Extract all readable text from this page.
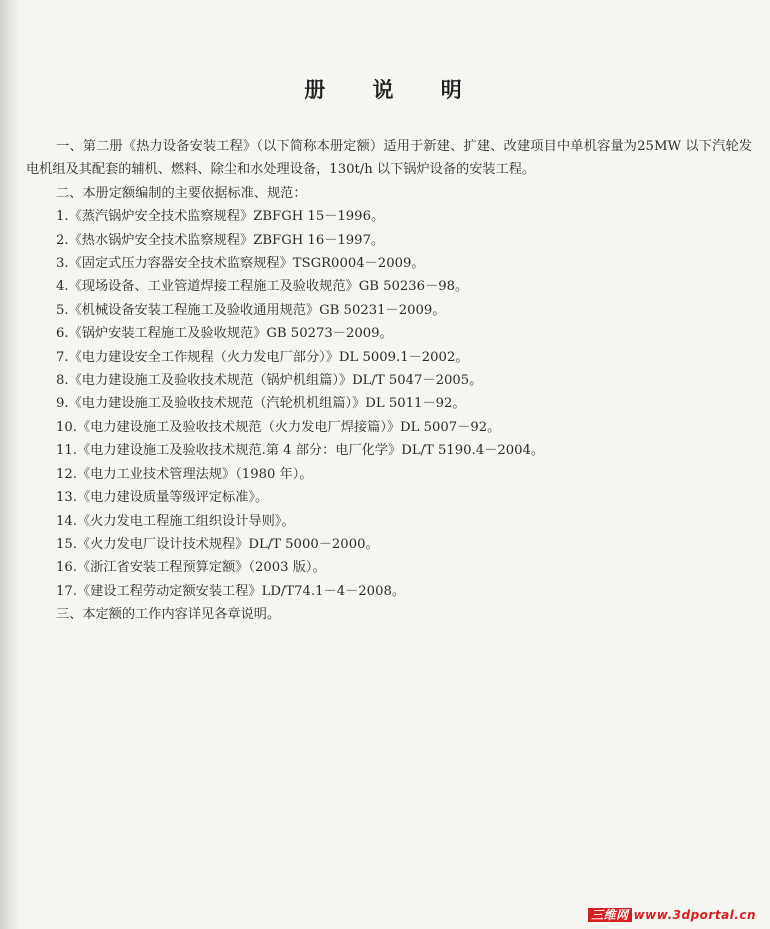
册 说 明

一、第二册《热力设备安装工程》（以下简称本册定额）适用于新建、扩建、改建项目中单机容量为25MW 以下汽轮发电机组及其配套的辅机、燃料、除尘和水处理设备，130t/h 以下锅炉设备的安装工程。

二、本册定额编制的主要依据标准、规范：

1.《蒸汽锅炉安全技术监察规程》ZBFGH 15－1996。
2.《热水锅炉安全技术监察规程》ZBFGH 16－1997。
3.《固定式压力容器安全技术监察规程》TSGR0004－2009。
4.《现场设备、工业管道焊接工程施工及验收规范》GB 50236－98。
5.《机械设备安装工程施工及验收通用规范》GB 50231－2009。
6.《锅炉安装工程施工及验收规范》GB 50273－2009。
7.《电力建设安全工作规程（火力发电厂部分）》DL 5009.1－2002。
8.《电力建设施工及验收技术规范（锅炉机组篇）》DL/T 5047－2005。
9.《电力建设施工及验收技术规范（汽轮机机组篇）》DL 5011－92。
10.《电力建设施工及验收技术规范（火力发电厂焊接篇）》DL 5007－92。
11.《电力建设施工及验收技术规范.第 4 部分：电厂化学》DL/T 5190.4－2004。
12.《电力工业技术管理法规》（1980 年）。
13.《电力建设质量等级评定标准》。
14.《火力发电工程施工组织设计导则》。
15.《火力发电厂设计技术规程》DL/T 5000－2000。
16.《浙江省安装工程预算定额》（2003 版）。
17.《建设工程劳动定额安装工程》LD/T74.1－4－2008。

三、本定额的工作内容详见各章说明。

三维网 www.3dportal.cn
